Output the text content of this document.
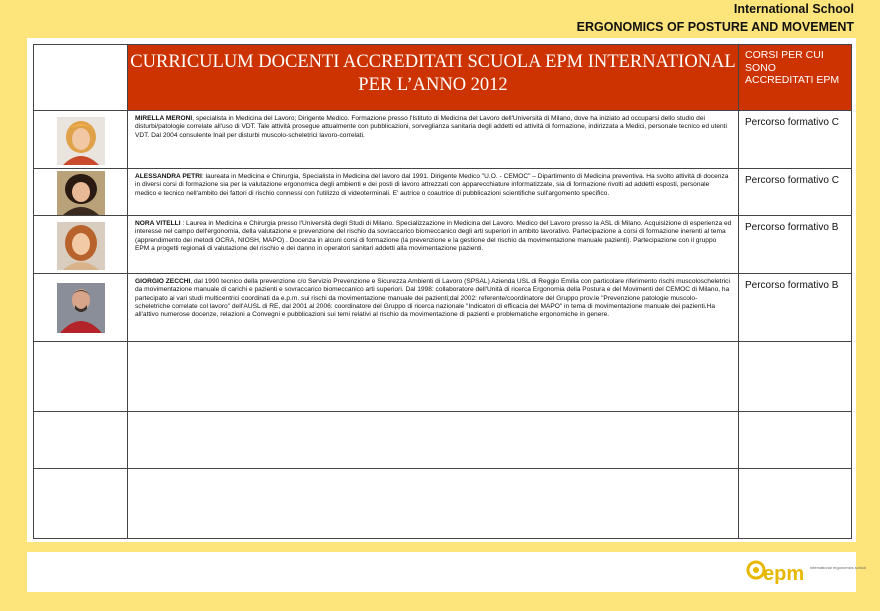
International School
ERGONOMICS OF POSTURE AND MOVEMENT

	CURRICULUM DOCENTI ACCREDITATI SCUOLA EPM INTERNATIONAL
PER L’ANNO 2012	CORSI PER CUI SONO ACCREDITATI EPM

	MIRELLA MERONI, specialista in Medicina del Lavoro; Dirigente Medico. Formazione presso l'Istituto di Medicina del Lavoro dell'Università di Milano, dove ha iniziato ad occuparsi dello studio dei disturbi/patologie correlate all'uso di VDT. Tale attività prosegue attualmente con pubblicazioni, sorveglianza sanitaria degli addetti ed attività di formazione, indirizzata a Medici, personale tecnico ed utenti VDT. Dal 2004 consulente Inail per disturbi muscolo-scheletrici lavoro-correlati.	Percorso formativo C

	ALESSANDRA PETRI: laureata in Medicina e Chirurgia, Specialista in Medicina del lavoro dal 1991. Dirigente Medico "U.O. - CEMOC" – Dipartimento di Medicina preventiva. Ha svolto attività di docenza in diversi corsi di formazione sia per la valutazione ergonomica degli ambienti e dei posti di lavoro attrezzati con apparecchiature informatizzate, sia di formazione rivolti ad addetti esposti, personale medico e tecnico nell'ambito dei fattori di rischio connessi con l'utilizzo di videoterminali. E' autrice o coautrice di pubblicazioni scientifiche sull'argomento specifico.	Percorso formativo C

	NORA VITELLI : Laurea in Medicina e Chirurgia presso l'Università degli Studi di Milano. Specializzazione in Medicina del Lavoro. Medico del Lavoro presso la ASL di Milano. Acquisizione di esperienza ed interesse nel campo dell'ergonomia, della valutazione e prevenzione del rischio da sovraccarico biomeccanico degli arti superiori in ambito lavorativo. Partecipazione a corsi di formazione inerenti al tema (apprendimento dei metodi OCRA, NIOSH, MAPO) . Docenza in alcuni corsi di formazione (la prevenzione e la gestione del rischio da movimentazione manuale pazienti). Partecipazione con il gruppo EPM a progetti regionali di valutazione del rischio e dei danno in operatori sanitari addetti alla movimentazione pazienti.	Percorso formativo B

	GIORGIO ZECCHI, dal 1990 tecnico della prevenzione c/o Servizio Prevenzione e Sicurezza Ambienti di Lavoro (SPSAL) Azienda USL di Reggio Emilia con particolare riferimento rischi muscoloscheletrici da movimentazione manuale di carichi e pazienti e sovraccarico biomeccanico arti superiori. Dal 1998: collaboratore dell'Unità di ricerca Ergonomia della Postura e del Movimenti del CEMOC di Milano, ha partecipato ai vari studi multicentrici coordinati da e.p.m. sui rischi da movimentazione manuale dei pazienti;dal 2002: referente/coordinatore del Gruppo prov.le "Prevenzione patologie muscolo-scheletriche correlate col lavoro" dell'AUSL di RE, dal 2001 al 2006: coordinatore del Gruppo di ricerca nazionale "Indicatori di efficacia del MAPO" in tema di movimentazione manuale dei pazienti.Ha all'attivo numerose docenze, relazioni a Convegni e pubblicazioni sui temi relativi al rischio da movimentazione di pazienti e problematiche ergonomiche in genere.	Percorso formativo B

epm international ergonomics school
